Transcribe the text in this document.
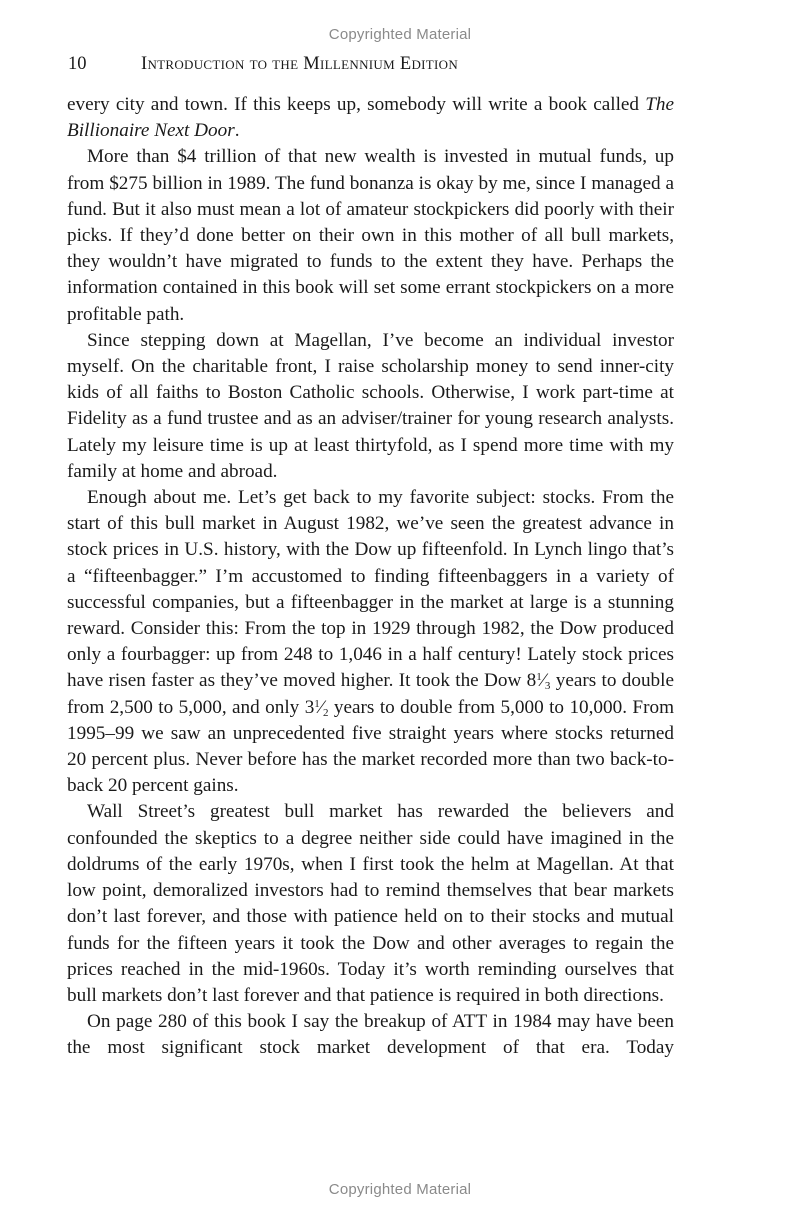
Copyrighted Material
10	Introduction to the Millennium Edition

every city and town. If this keeps up, somebody will write a book called The Billionaire Next Door.

More than $4 trillion of that new wealth is invested in mutual funds, up from $275 billion in 1989. The fund bonanza is okay by me, since I managed a fund. But it also must mean a lot of amateur stockpickers did poorly with their picks. If they’d done better on their own in this mother of all bull markets, they wouldn’t have migrated to funds to the extent they have. Perhaps the information contained in this book will set some errant stockpickers on a more profitable path.

Since stepping down at Magellan, I’ve become an individual investor myself. On the charitable front, I raise scholarship money to send inner-city kids of all faiths to Boston Catholic schools. Otherwise, I work part-time at Fidelity as a fund trustee and as an adviser/trainer for young research analysts. Lately my leisure time is up at least thirtyfold, as I spend more time with my family at home and abroad.

Enough about me. Let’s get back to my favorite subject: stocks. From the start of this bull market in August 1982, we’ve seen the greatest advance in stock prices in U.S. history, with the Dow up fifteenfold. In Lynch lingo that’s a “fifteenbagger.” I’m accustomed to finding fifteenbaggers in a variety of successful companies, but a fifteenbagger in the market at large is a stunning reward. Consider this: From the top in 1929 through 1982, the Dow produced only a fourbagger: up from 248 to 1,046 in a half century! Lately stock prices have risen faster as they’ve moved higher. It took the Dow $8^1⁄_3$ years to double from 2,500 to 5,000, and only $3^1⁄_2$ years to double from 5,000 to 10,000. From 1995–99 we saw an unprecedented five straight years where stocks returned 20 percent plus. Never before has the market recorded more than two back-to-back 20 percent gains.

Wall Street’s greatest bull market has rewarded the believers and confounded the skeptics to a degree neither side could have imagined in the doldrums of the early 1970s, when I first took the helm at Magellan. At that low point, demoralized investors had to remind themselves that bear markets don’t last forever, and those with patience held on to their stocks and mutual funds for the fifteen years it took the Dow and other averages to regain the prices reached in the mid-1960s. Today it’s worth reminding ourselves that bull markets don’t last forever and that patience is required in both directions.

On page 280 of this book I say the breakup of ATT in 1984 may have been the most significant stock market development of that era. Today

Copyrighted Material
